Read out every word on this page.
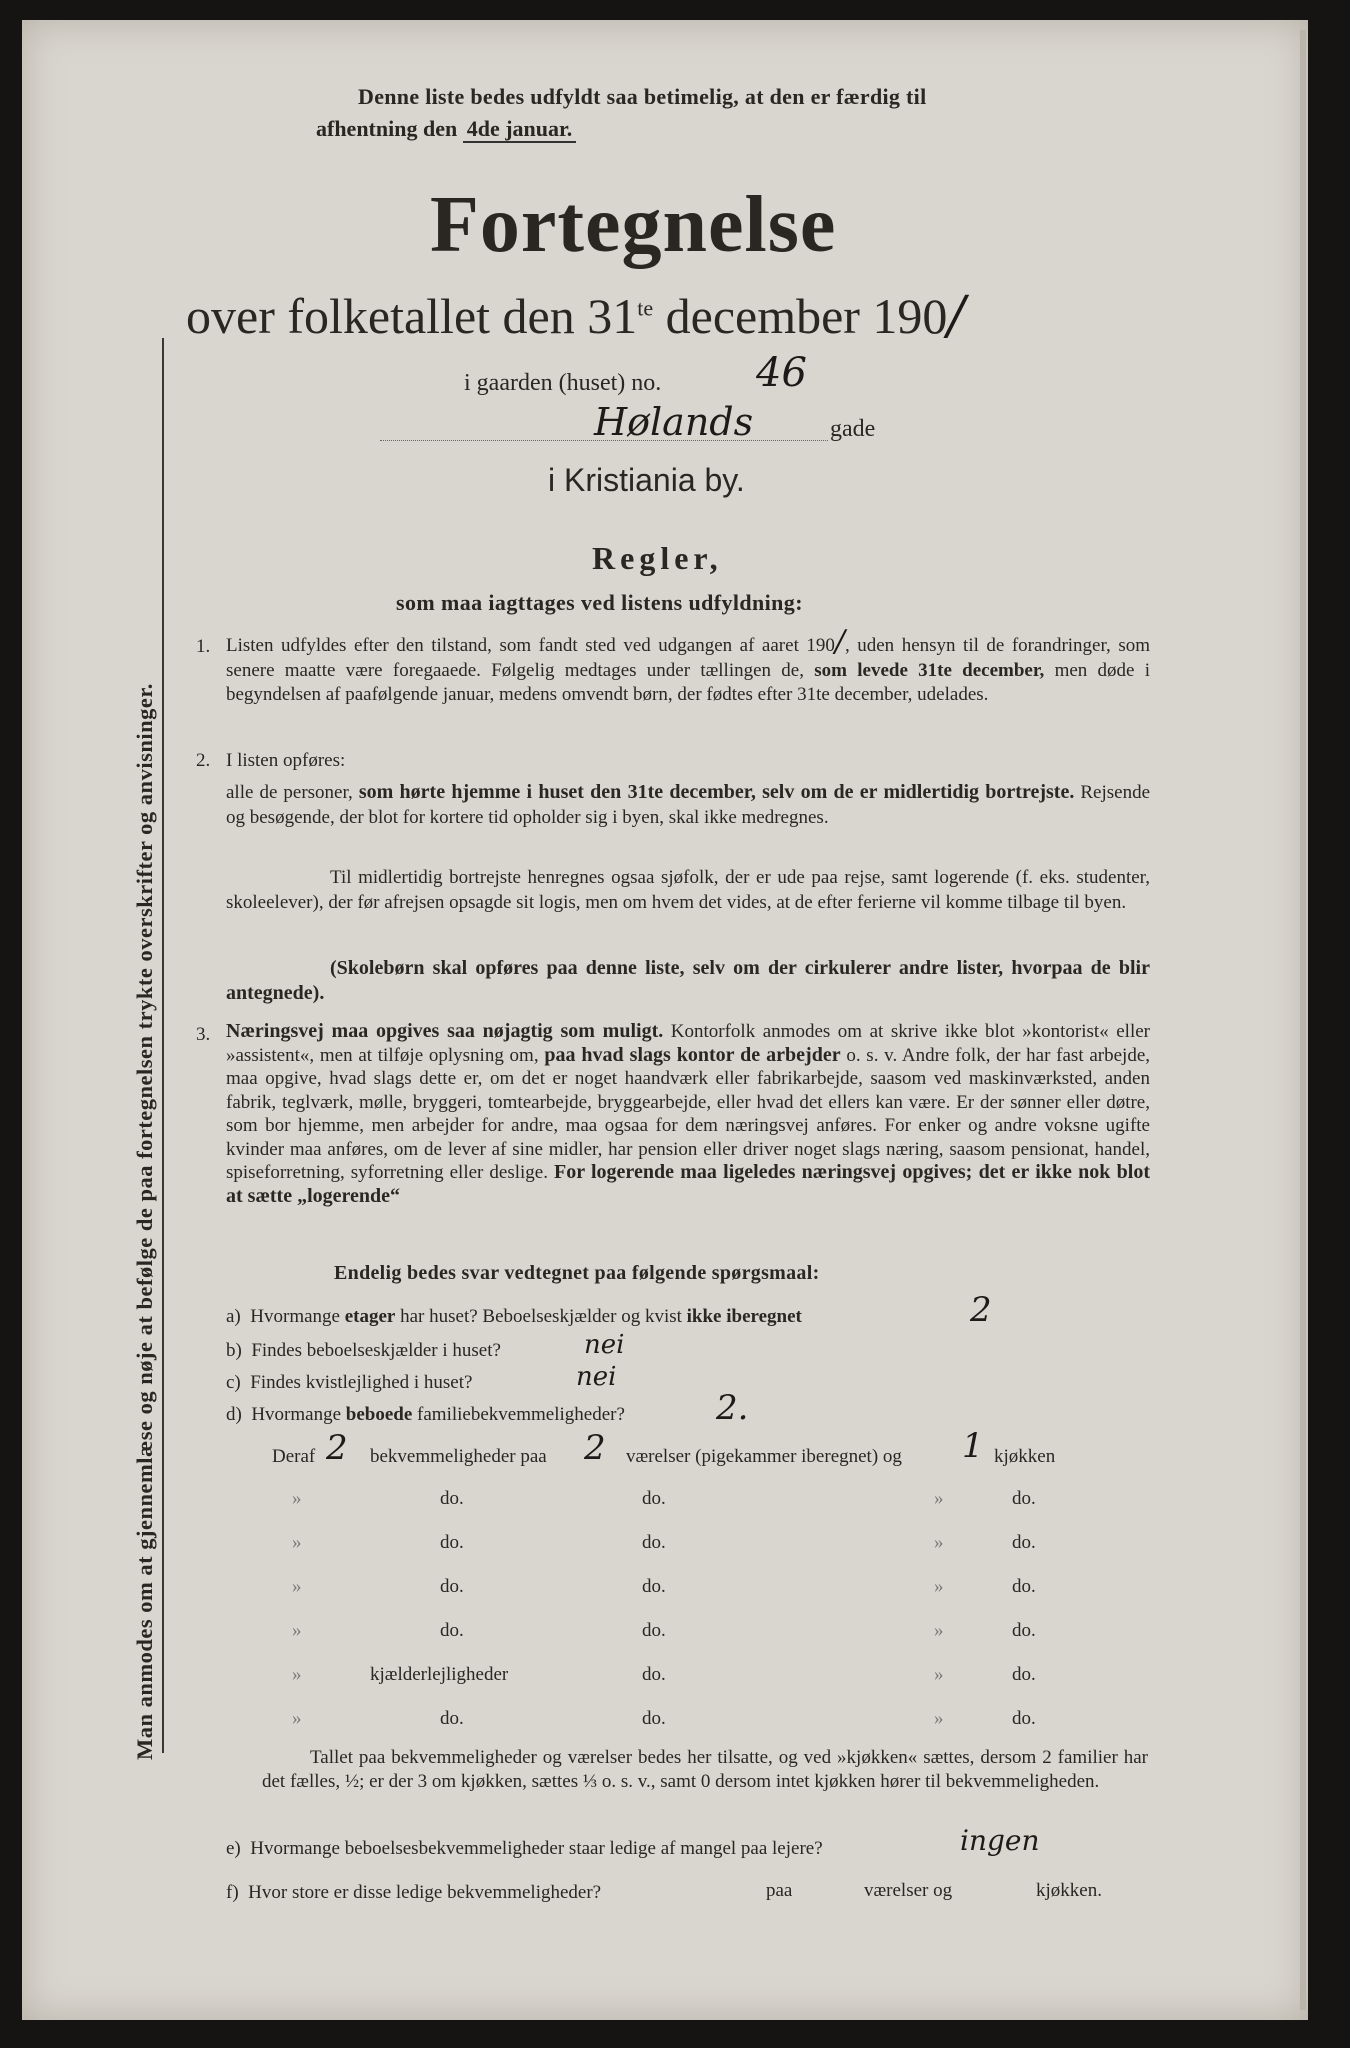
Man anmodes om at gjennemlæse og nøje at befølge de paa fortegnelsen trykte overskrifter og anvisninger.
Denne liste bedes udfyldt saa betimelig, at den er færdig til
afhentning den 4de januar.
Fortegnelse
over folketallet den $31^{te}$ december 190/
i gaarden (huset) no. 46
Hølands	gade
i Kristiania by.
Regler,
som maa iagttages ved listens udfyldning:
1. Listen udfyldes efter den tilstand, som fandt sted ved udgangen af aaret 190/, uden hensyn til de forandringer, som senere maatte være foregaaede. Følgelig medtages under tællingen de, som levede 31te december, men døde i begyndelsen af paafølgende januar, medens omvendt børn, der fødtes efter 31te december, udelades.
2. I listen opføres:
alle de personer, som hørte hjemme i huset den 31te december, selv om de er midlertidig bortrejste. Rejsende og besøgende, der blot for kortere tid opholder sig i byen, skal ikke medregnes.
Til midlertidig bortrejste henregnes ogsaa sjøfolk, der er ude paa rejse, samt logerende (f. eks. studenter, skoleelever), der før afrejsen opsagde sit logis, men om hvem det vides, at de efter ferierne vil komme tilbage til byen.
(Skolebørn skal opføres paa denne liste, selv om der cirkulerer andre lister, hvorpaa de blir antegnede).
3. Næringsvej maa opgives saa nøjagtig som muligt. Kontorfolk anmodes om at skrive ikke blot »kontorist« eller »assistent«, men at tilføje oplysning om, paa hvad slags kontor de arbejder o. s. v. Andre folk, der har fast arbejde, maa opgive, hvad slags dette er, om det er noget haandværk eller fabrikarbejde, saasom ved maskinværksted, anden fabrik, teglværk, mølle, bryggeri, tomtearbejde, bryggearbejde, eller hvad det ellers kan være. Er der sønner eller døtre, som bor hjemme, men arbejder for andre, maa ogsaa for dem næringsvej anføres. For enker og andre voksne ugifte kvinder maa anføres, om de lever af sine midler, har pension eller driver noget slags næring, saasom pensionat, handel, spiseforretning, syforretning eller deslige. For logerende maa ligeledes næringsvej opgives; det er ikke nok blot at sætte „logerende“
Endelig bedes svar vedtegnet paa følgende spørgsmaal:
a) Hvormange etager har huset? Beboelseskjælder og kvist ikke iberegnet	2
b) Findes beboelseskjælder i huset?	nei
c) Findes kvistlejlighed i huset?	nei
d) Hvormange beboede familiebekvemmeligheder?	2.
Deraf 2 bekvemmeligheder paa 2 værelser (pigekammer iberegnet) og 1 kjøkken
»	do.	do.	»	do.
»	do.	do.	»	do.
»	do.	do.	»	do.
»	do.	do.	»	do.
»	kjælderlejligheder	do.	»	do.
»	do.	do.	»	do.
Tallet paa bekvemmeligheder og værelser bedes her tilsatte, og ved »kjøkken« sættes, dersom 2 familier har det fælles, ½; er der 3 om kjøkken, sættes ⅓ o. s. v., samt 0 dersom intet kjøkken hører til bekvemmeligheden.
e) Hvormange beboelsesbekvemmeligheder staar ledige af mangel paa lejere?	ingen
f) Hvor store er disse ledige bekvemmeligheder?	paa	værelser og	kjøkken.
